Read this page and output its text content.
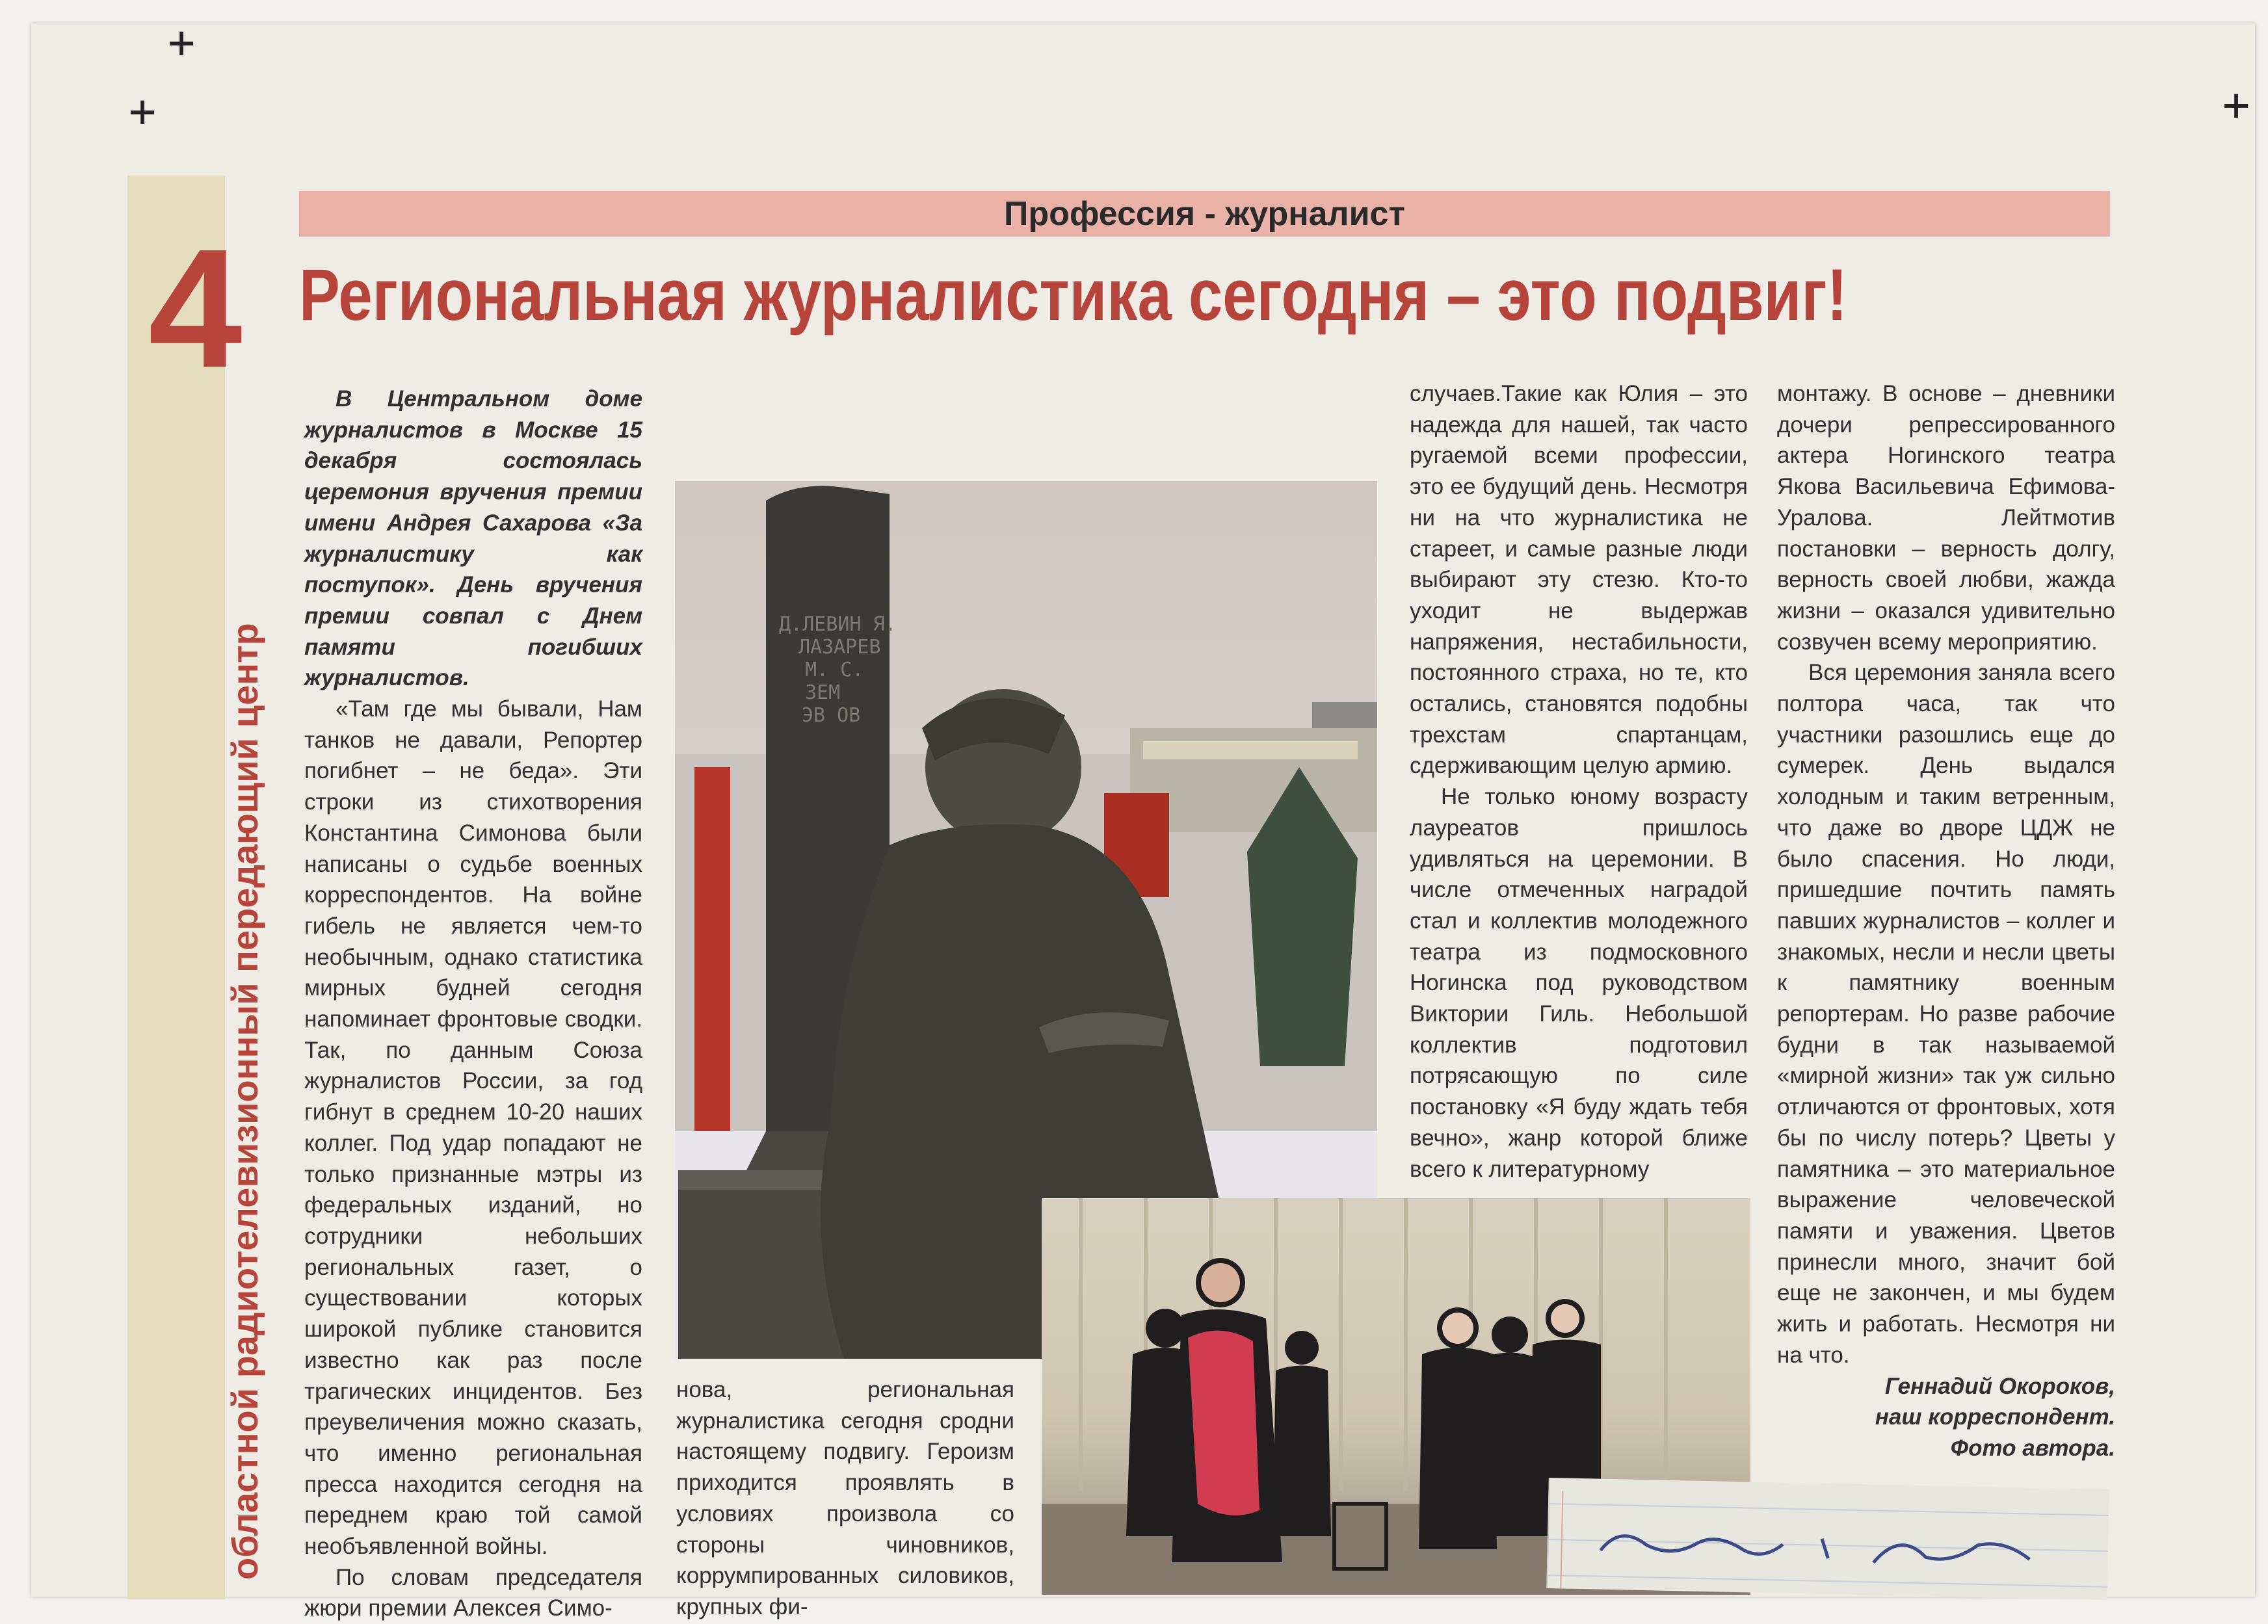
+
+	+
4
областной радиотелевизионный передающий центр
Профессия - журналист
Региональная журналистика сегодня – это подвиг!

В Центральном доме журналистов в Москве 15 декабря состоялась церемония вручения премии имени Андрея Сахарова «За журналистику как поступок». День вручения премии совпал с Днем памяти погибших журналистов.

«Там где мы бывали, Нам танков не давали, Репортер погибнет – не беда». Эти строки из стихотворения Константина Симонова были написаны о судьбе военных корреспондентов. На войне гибель не является чем-то необычным, однако статистика мирных будней сегодня напоминает фронтовые сводки. Так, по данным Союза журналистов России, за год гибнут в среднем 10-20 наших коллег. Под удар попадают не только признанные мэтры из федеральных изданий, но сотрудники небольших региональных газет, о существовании которых широкой публике становится известно как раз после трагических инцидентов. Без преувеличения можно сказать, что именно региональная пресса находится сегодня на переднем краю той самой необъявленной войны.

По словам председателя жюри премии Алексея Симо-

Д.ЛЕВИН Я.
ЛАЗАРЕВ
М. С.
ЗЕМ
ЭВ ОВ

нова, региональная журналистика сегодня сродни настоящему подвигу. Героизм приходится проявлять в условиях произвола со стороны чиновников, коррумпированных силовиков, крупных фи-

случаев.Такие как Юлия – это надежда для нашей, так часто ругаемой всеми профессии, это ее будущий день. Несмотря ни на что журналистика не стареет, и самые разные люди выбирают эту стезю. Кто-то уходит не выдержав напряжения, нестабильности, постоянного страха, но те, кто остались, становятся подобны трехстам спартанцам, сдерживающим целую армию.

Не только юному возрасту лауреатов пришлось удивляться на церемонии. В числе отмеченных наградой стал и коллектив молодежного театра из подмосковного Ногинска под руководством Виктории Гиль. Небольшой коллектив подготовил потрясающую по силе постановку «Я буду ждать тебя вечно», жанр которой ближе всего к литературному

монтажу. В основе – дневники дочери репрессированного актера Ногинского театра Якова Васильевича Ефимова-Уралова. Лейтмотив постановки – верность долгу, верность своей любви, жажда жизни – оказался удивительно созвучен всему мероприятию.

Вся церемония заняла всего полтора часа, так что участники разошлись еще до сумерек. День выдался холодным и таким ветренным, что даже во дворе ЦДЖ не было спасения. Но люди, пришедшие почтить память павших журналистов – коллег и знакомых, несли и несли цветы к памятнику военным репортерам. Но разве рабочие будни в так называемой «мирной жизни» так уж сильно отличаются от фронтовых, хотя бы по числу потерь? Цветы у памятника – это материальное выражение человеческой памяти и уважения. Цветов принесли много, значит бой еще не закончен, и мы будем жить и работать. Несмотря ни на что.

Геннадий Окороков,
наш корреспондент.
Фото автора.
